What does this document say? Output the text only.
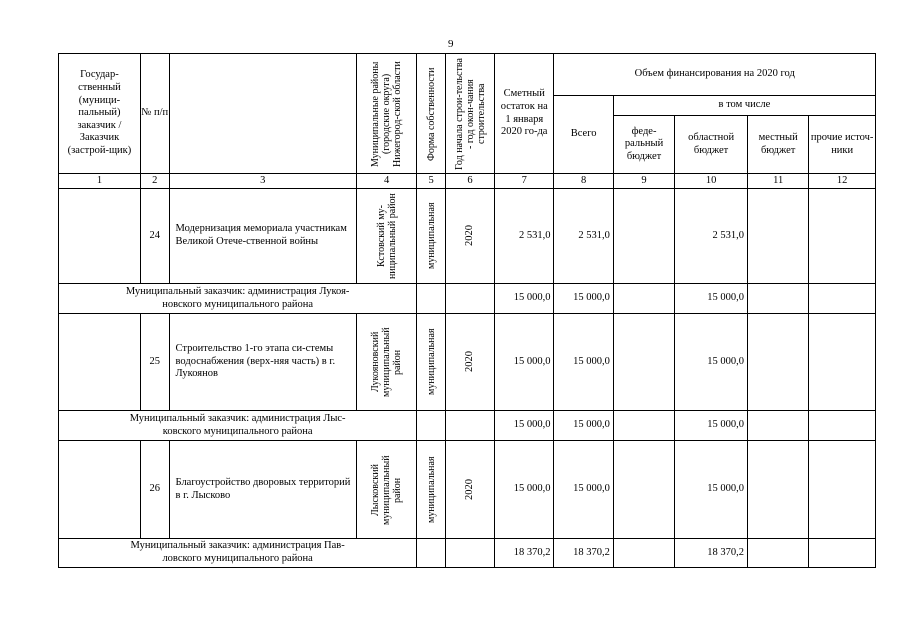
9
Государ-ственный (муници-пальный) заказчик / Заказчик (застрой-щик)	№ п/п		Муниципальные районы (городские округа) Нижегород-ской области	Форма собственности	Год начала строи-тельства - год окон-чания строительства	Сметный остаток на 1 января 2020 го-да	Объем финансирования на 2020 год				
							Всего	в том числе			
								феде-ральный бюджет	областной бюджет	местный бюджет	прочие источ-ники
1	2	3	4	5	6	7	8	9	10	11	12
	24	Модернизация мемориала участникам Великой Отече-ственной войны	Кстовский му-ниципальный район	муниципальная	2020	2 531,0	2 531,0		2 531,0		

Муниципальный заказчик: администрация Лукоя-
новского муниципального района						15 000,0	15 000,0		15 000,0		
	25	Строительство 1-го этапа си-стемы водоснабжения (верх-няя часть) в г. Лукоянов	Лукояновский муниципальный район	муниципальная	2020	15 000,0	15 000,0		15 000,0		

Муниципальный заказчик: администрация Лыс-
ковского муниципального района						15 000,0	15 000,0		15 000,0		
	26	Благоустройство дворовых территорий в г. Лысково	Лысковский муниципальный район	муниципальная	2020	15 000,0	15 000,0		15 000,0		

Муниципальный заказчик: администрация Пав-
ловского муниципального района						18 370,2	18 370,2		18 370,2		
